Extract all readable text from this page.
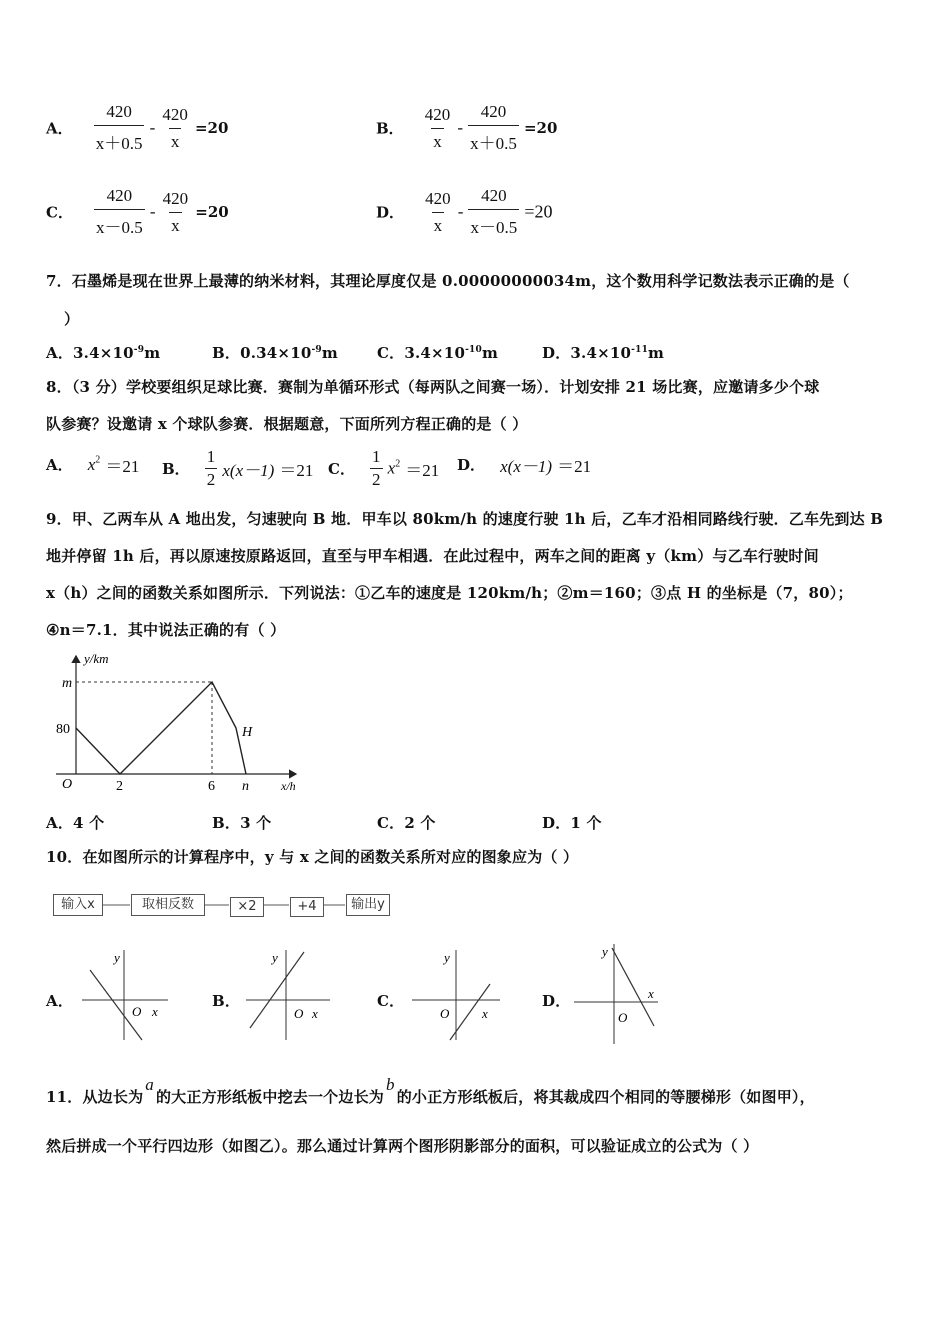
A． $\frac{420}{x+0.5} - \frac{420}{x} =20$	B． $\frac{420}{x} - \frac{420}{x+0.5} =20$
C． $\frac{420}{x-0.5} - \frac{420}{x} =20$	D． $\frac{420}{x} - \frac{420}{x-0.5} =20$
7．石墨烯是现在世界上最薄的纳米材料，其理论厚度仅是 0.00000000034m，这个数用科学记数法表示正确的是（
）
A．$3.4\times 10^{-9}m$	B．$0.34\times 10^{-9}m$	C．$3.4\times 10^{-10}m$	D．$3.4\times 10^{-11}m$
8．（3 分）学校要组织足球比赛．赛制为单循环形式（每两队之间赛一场）．计划安排 21 场比赛，应邀请多少个球
队参赛？设邀请 x 个球队参赛．根据题意，下面所列方程正确的是（ ）
A． $x^2 =21$ B． $\frac{1}{2} x(x-1) =21$ C． $\frac{1}{2} x^2 =21$ D． x(x－1) ＝21
9．甲、乙两车从 A 地出发，匀速驶向 B 地．甲车以 80km/h 的速度行驶 1h 后，乙车才沿相同路线行驶．乙车先到达 B
地并停留 1h 后，再以原速按原路返回，直至与甲车相遇．在此过程中，两车之间的距离 y（km）与乙车行驶时间
x（h）之间的函数关系如图所示．下列说法：①乙车的速度是 120km/h；②m＝160；③点 H 的坐标是（7，80）；
④n＝7.1．其中说法正确的有（ ）
y/km
m
80
O	2	6 n
H
x/h
A．4 个	B．3 个	C．2 个	D．1 个
10．在如图所示的计算程序中，y 与 x 之间的函数关系所对应的图象应为（ ）
输入x	取相反数	×2	+4	输出y
A．
y
O x
B．
y
O x
C．
y
O	x
D．
y
O
x
11．从边长为a的大正方形纸板中挖去一个边长为b的小正方形纸板后，将其裁成四个相同的等腰梯形（如图甲），
然后拼成一个平行四边形（如图乙）。那么通过计算两个图形阴影部分的面积，可以验证成立的公式为（ ）
